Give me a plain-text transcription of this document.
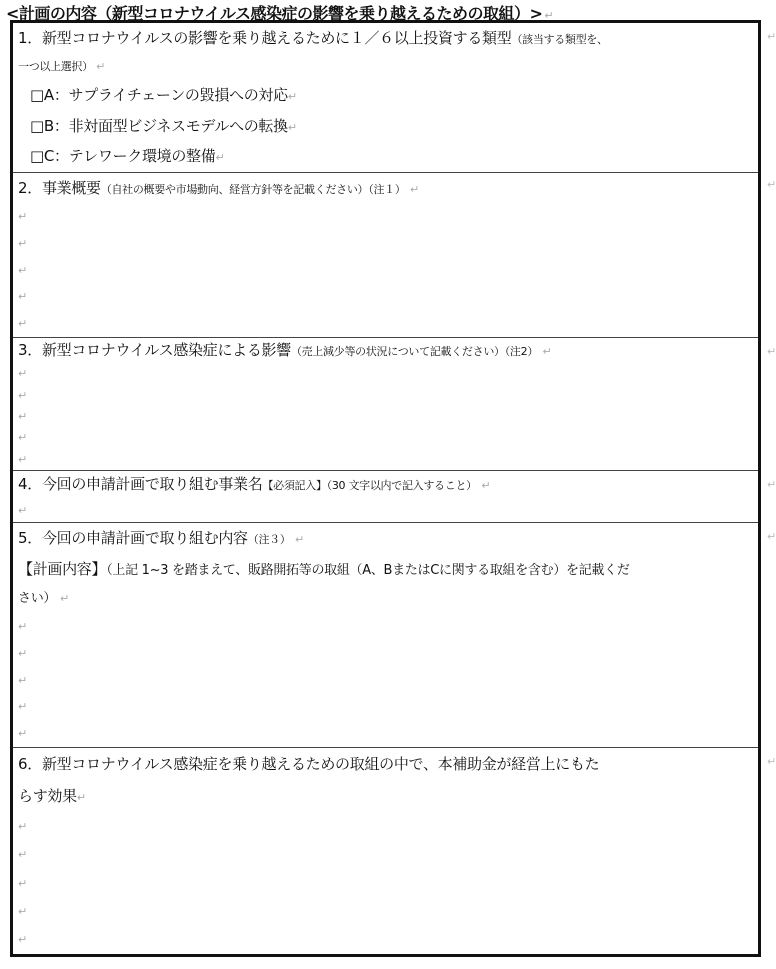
<計画の内容（新型コロナウイルス感染症の影響を乗り越えるための取組）> ↵
1．新型コロナウイルスの影響を乗り越えるために１／６以上投資する類型（該当する類型を、
一つ以上選択） ↵
□A：サプライチェーンの毀損への対応↵
□B：非対面型ビジネスモデルへの転換↵
□C：テレワーク環境の整備↵
2．事業概要（自社の概要や市場動向、経営方針等を記載ください）（注１） ↵
↵
↵
↵
↵
↵
3．新型コロナウイルス感染症による影響（売上減少等の状況について記載ください）（注2） ↵
↵
↵
↵
↵
↵
4．今回の申請計画で取り組む事業名【必須記入】（30 文字以内で記入すること） ↵
↵
5．今回の申請計画で取り組む内容（注３） ↵
【計画内容】（上記 1~3 を踏まえて、販路開拓等の取組（A、BまたはCに関する取組を含む）を記載くだ
さい） ↵
↵
↵
↵
↵
↵
6．新型コロナウイルス感染症を乗り越えるための取組の中で、本補助金が経営上にもた
らす効果↵
↵
↵
↵
↵
↵
↵
↵
↵
↵
↵
↵
